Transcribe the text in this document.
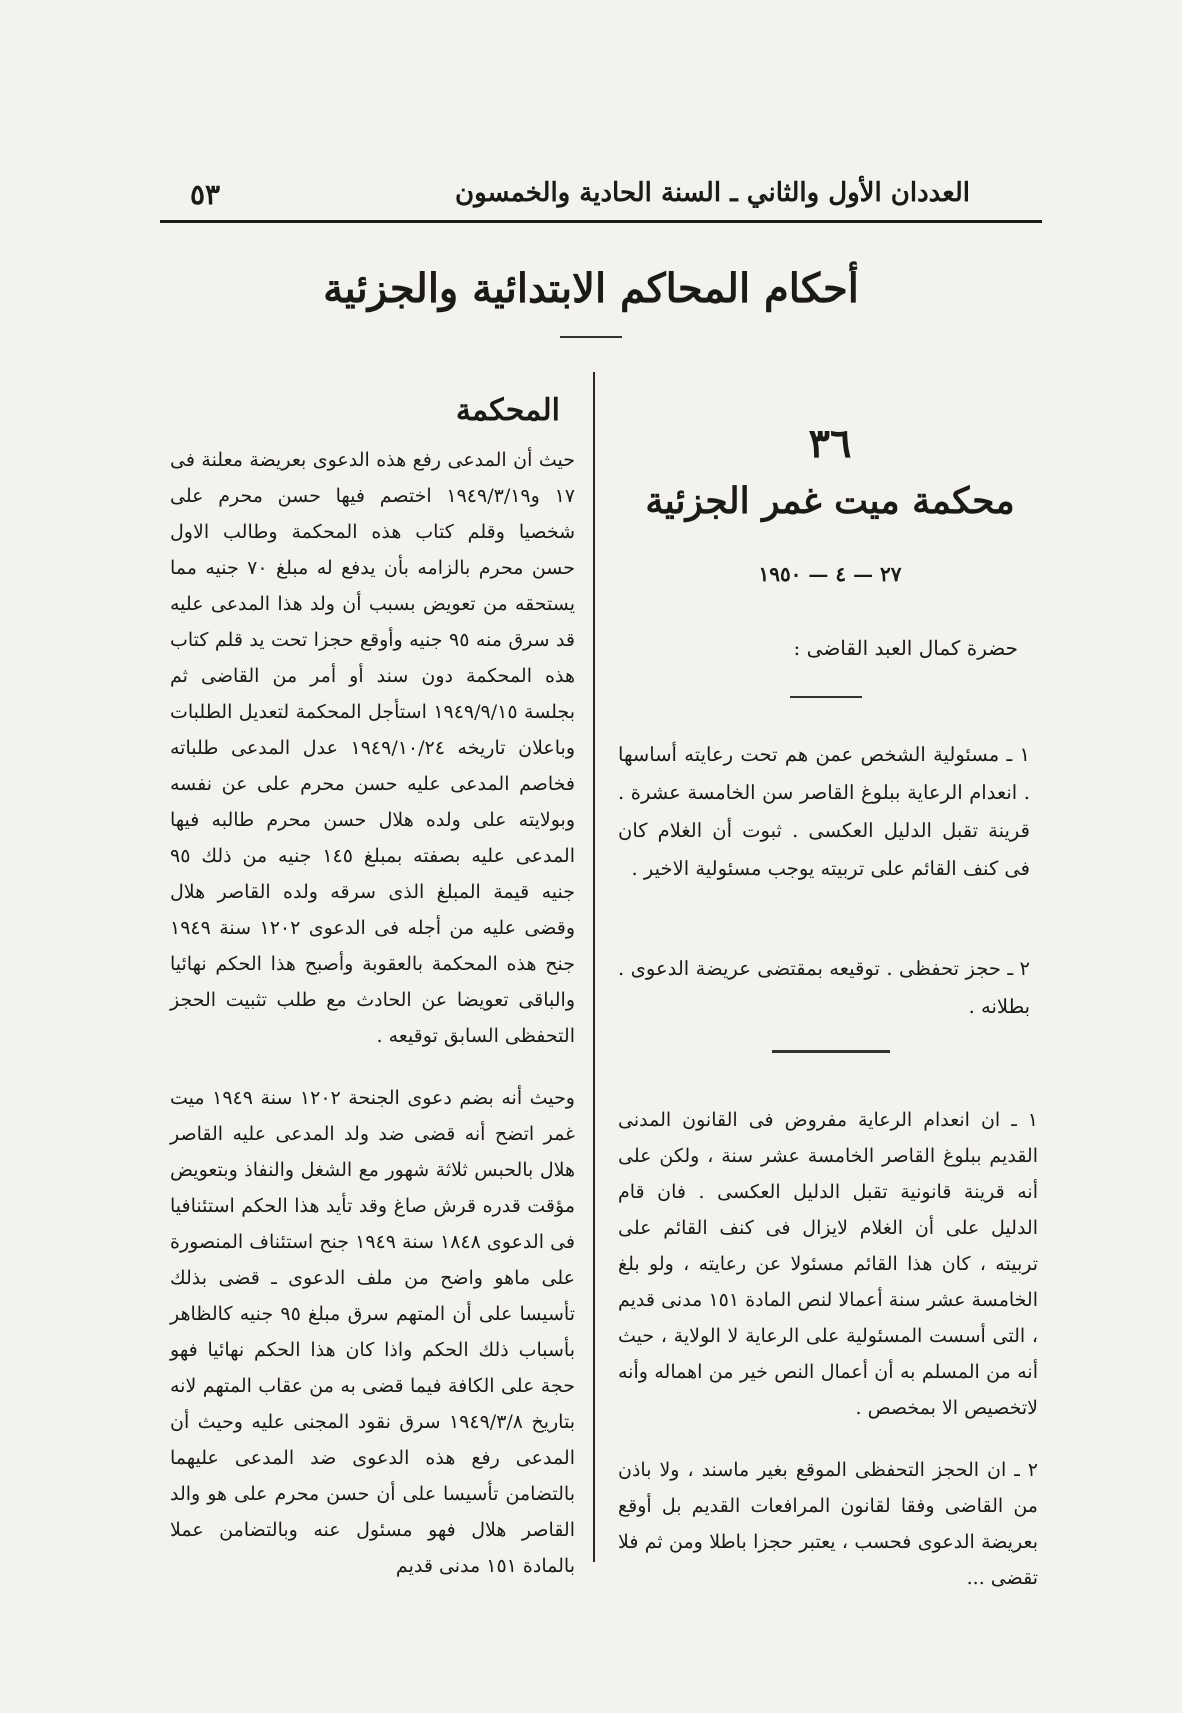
العددان الأول والثاني ـ السنة الحادية والخمسون
٥٣
أحكام المحاكم الابتدائية والجزئية
٣٦
محكمة ميت غمر الجزئية
٢٧ — ٤ — ١٩٥٠
حضرة كمال العبد القاضى :
١ ـ مسئولية الشخص عمن هم تحت رعايته أساسها . انعدام الرعاية ببلوغ القاصر سن الخامسة عشرة . قرينة تقبل الدليل العكسى . ثبوت أن الغلام كان فى كنف القائم على تربيته يوجب مسئولية الاخير .
٢ ـ حجز تحفظى . توقيعه بمقتضى عريضة الدعوى . بطلانه .
١ ـ ان انعدام الرعاية مفروض فى القانون المدنى القديم ببلوغ القاصر الخامسة عشر سنة ، ولكن على أنه قرينة قانونية تقبل الدليل العكسى . فان قام الدليل على أن الغلام لايزال فى كنف القائم على تربيته ، كان هذا القائم مسئولا عن رعايته ، ولو بلغ الخامسة عشر سنة أعمالا لنص المادة ١٥١ مدنى قديم ، التى أسست المسئولية على الرعاية لا الولاية ، حيث أنه من المسلم به أن أعمال النص خير من اهماله وأنه لاتخصيص الا بمخصص .
٢ ـ ان الحجز التحفظى الموقع بغير ماسند ، ولا باذن من القاضى وفقا لقانون المرافعات القديم بل أوقع بعريضة الدعوى فحسب ، يعتبر حجزا باطلا ومن ثم فلا تقضى ...
المحكمة
حيث أن المدعى رفع هذه الدعوى بعريضة معلنة فى ١٧ و١٩٤٩/٣/١٩ اختصم فيها حسن محرم على شخصيا وقلم كتاب هذه المحكمة وطالب الاول حسن محرم بالزامه بأن يدفع له مبلغ ٧٠ جنيه مما يستحقه من تعويض بسبب أن ولد هذا المدعى عليه قد سرق منه ٩٥ جنيه وأوقع حجزا تحت يد قلم كتاب هذه المحكمة دون سند أو أمر من القاضى ثم بجلسة ١٩٤٩/٩/١٥ استأجل المحكمة لتعديل الطلبات وباعلان تاريخه ١٩٤٩/١٠/٢٤ عدل المدعى طلباته فخاصم المدعى عليه حسن محرم على عن نفسه وبولايته على ولده هلال حسن محرم طالبه فيها المدعى عليه بصفته بمبلغ ١٤٥ جنيه من ذلك ٩٥ جنيه قيمة المبلغ الذى سرقه ولده القاصر هلال وقضى عليه من أجله فى الدعوى ١٢٠٢ سنة ١٩٤٩ جنح هذه المحكمة بالعقوبة وأصبح هذا الحكم نهائيا والباقى تعويضا عن الحادث مع طلب تثبيت الحجز التحفظى السابق توقيعه .
وحيث أنه بضم دعوى الجنحة ١٢٠٢ سنة ١٩٤٩ ميت غمر اتضح أنه قضى ضد ولد المدعى عليه القاصر هلال بالحبس ثلاثة شهور مع الشغل والنفاذ وبتعويض مؤقت قدره قرش صاغ وقد تأيد هذا الحكم استئنافيا فى الدعوى ١٨٤٨ سنة ١٩٤٩ جنح استئناف المنصورة على ماهو واضح من ملف الدعوى ـ قضى بذلك تأسيسا على أن المتهم سرق مبلغ ٩٥ جنيه كالظاهر بأسباب ذلك الحكم واذا كان هذا الحكم نهائيا فهو حجة على الكافة فيما قضى به من عقاب المتهم لانه بتاريخ ١٩٤٩/٣/٨ سرق نقود المجنى عليه وحيث أن المدعى رفع هذه الدعوى ضد المدعى عليهما بالتضامن تأسيسا على أن حسن محرم على هو والد القاصر هلال فهو مسئول عنه وبالتضامن عملا بالمادة ١٥١ مدنى قديم
